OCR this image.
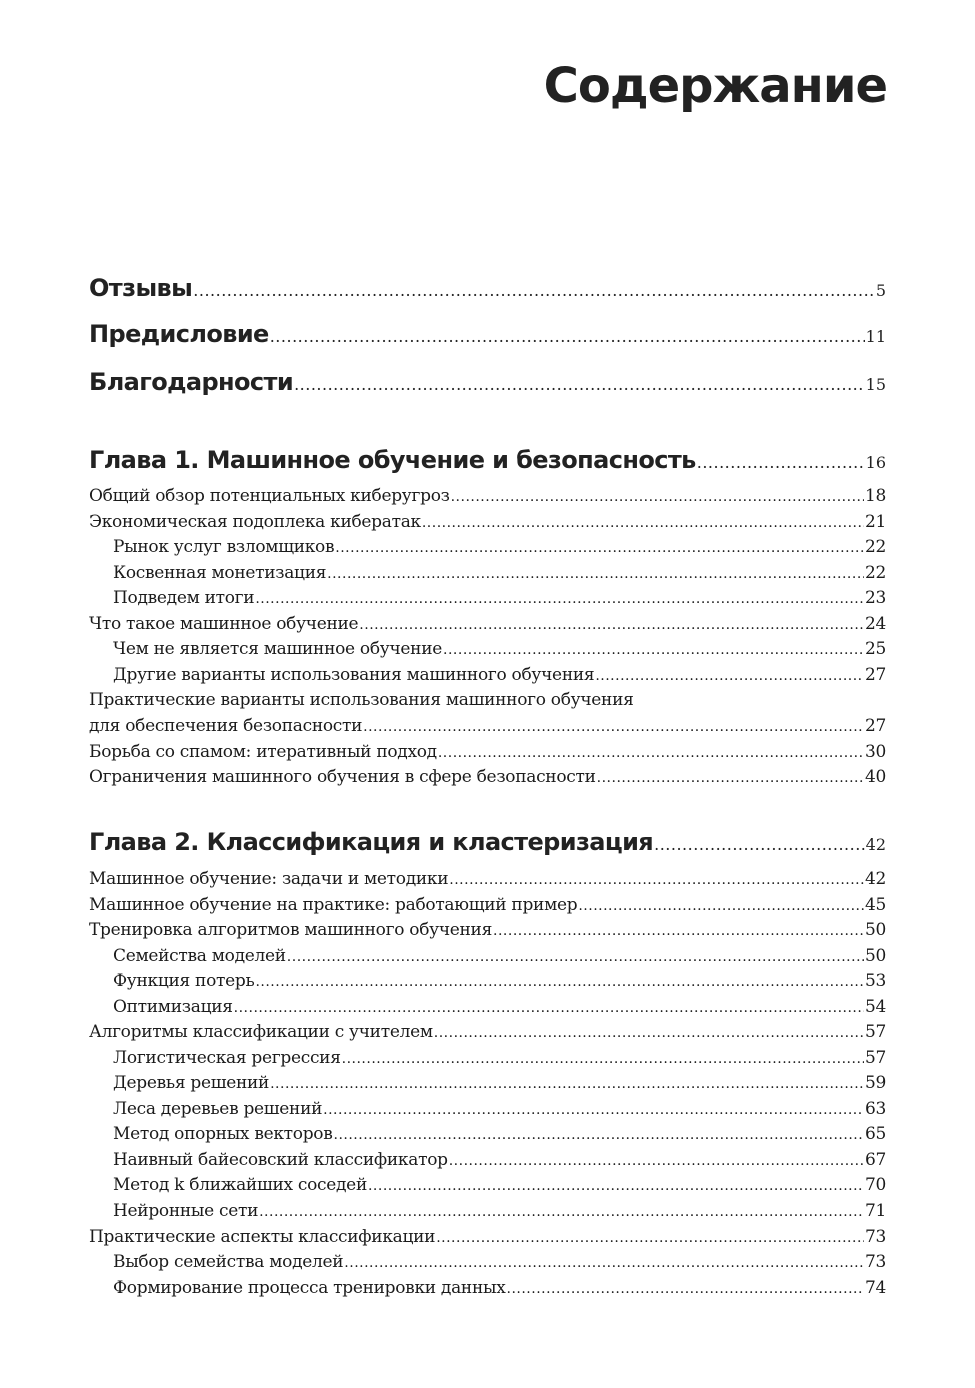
Содержание
Отзывы .....	5
Предисловие .....	11
Благодарности .....	15
Глава 1. Машинное обучение и безопасность .....	16
Общий обзор потенциальных киберугроз .....	18
Экономическая подоплека кибератак .....	21
Рынок услуг взломщиков .....	22
Косвенная монетизация .....	22
Подведем итоги .....	23
Что такое машинное обучение .....	24
Чем не является машинное обучение .....	25
Другие варианты использования машинного обучения .....	27
Практические варианты использования машинного обучения
для обеспечения безопасности .....	27
Борьба со спамом: итеративный подход .....	30
Ограничения машинного обучения в сфере безопасности .....	40
Глава 2. Классификация и кластеризация .....	42
Машинное обучение: задачи и методики .....	42
Машинное обучение на практике: работающий пример .....	45
Тренировка алгоритмов машинного обучения .....	50
Семейства моделей .....	50
Функция потерь .....	53
Оптимизация .....	54
Алгоритмы классификации с учителем .....	57
Логистическая регрессия .....	57
Деревья решений .....	59
Леса деревьев решений .....	63
Метод опорных векторов .....	65
Наивный байесовский классификатор .....	67
Метод k ближайших соседей .....	70
Нейронные сети .....	71
Практические аспекты классификации .....	73
Выбор семейства моделей .....	73
Формирование процесса тренировки данных .....	74
